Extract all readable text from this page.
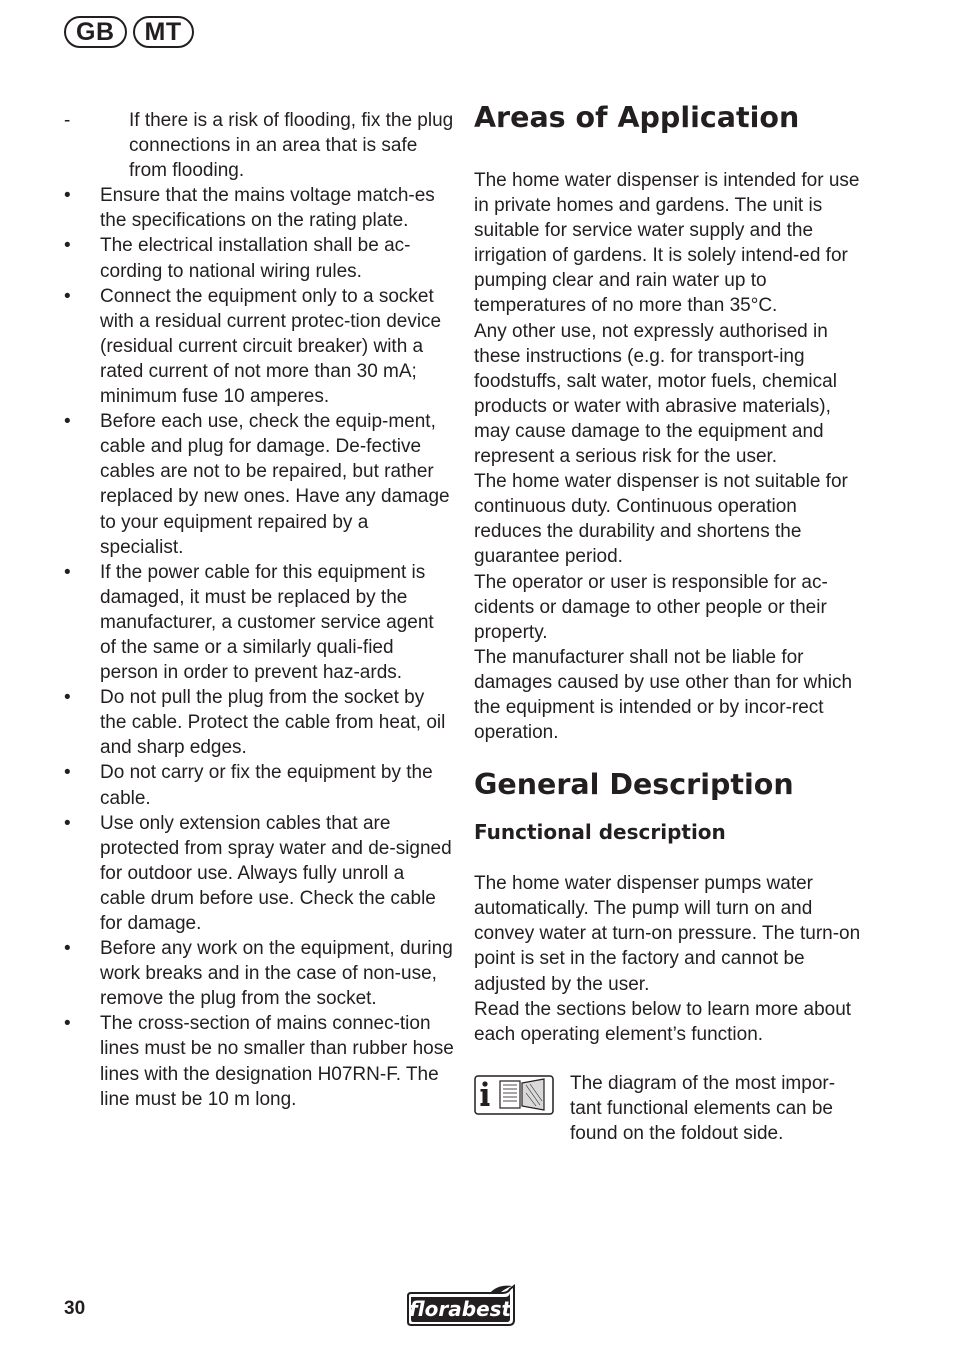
GB	MT
-	If there is a risk of flooding, fix the plug connections in an area that is safe from flooding.
•	Ensure that the mains voltage match-es the specifications on the rating plate.
•	The electrical installation shall be ac-cording to national wiring rules.
•	Connect the equipment only to a socket with a residual current protec-tion device (residual current circuit breaker) with a rated current of not more than 30 mA; minimum fuse 10 amperes.
•	Before each use, check the equip-ment, cable and plug for damage. De-fective cables are not to be repaired, but rather replaced by new ones. Have any damage to your equipment repaired by a specialist.
•	If the power cable for this equipment is damaged, it must be replaced by the manufacturer, a customer service agent of the same or a similarly quali-fied person in order to prevent haz-ards.
•	Do not pull the plug from the socket by the cable. Protect the cable from heat, oil and sharp edges.
•	Do not carry or fix the equipment by the cable.
•	Use only extension cables that are protected from spray water and de-signed for outdoor use. Always fully unroll a cable drum before use. Check the cable for damage.
•	Before any work on the equipment, during work breaks and in the case of non-use, remove the plug from the socket.
•	The cross-section of mains connec-tion lines must be no smaller than rubber hose lines with the designation H07RN-F. The line must be 10 m long.
Areas of Application

The home water dispenser is intended for use in private homes and gardens. The unit is suitable for service water supply and the irrigation of gardens. It is solely intend-ed for pumping clear and rain water up to temperatures of no more than 35°C.

Any other use, not expressly authorised in these instructions (e.g. for transport-ing foodstuffs, salt water, motor fuels, chemical products or water with abrasive materials), may cause damage to the equipment and represent a serious risk for the user.

The home water dispenser is not suitable for continuous duty. Continuous operation reduces the durability and shortens the guarantee period.

The operator or user is responsible for ac-cidents or damage to other people or their property.

The manufacturer shall not be liable for damages caused by use other than for which the equipment is intended or by incor-rect operation.

General Description
Functional description

The home water dispenser pumps water automatically. The pump will turn on and convey water at turn-on pressure. The turn-on point is set in the factory and cannot be adjusted by the user.

Read the sections below to learn more about each operating element’s function.

The diagram of the most impor-tant functional elements can be found on the foldout side.

30	florabest
